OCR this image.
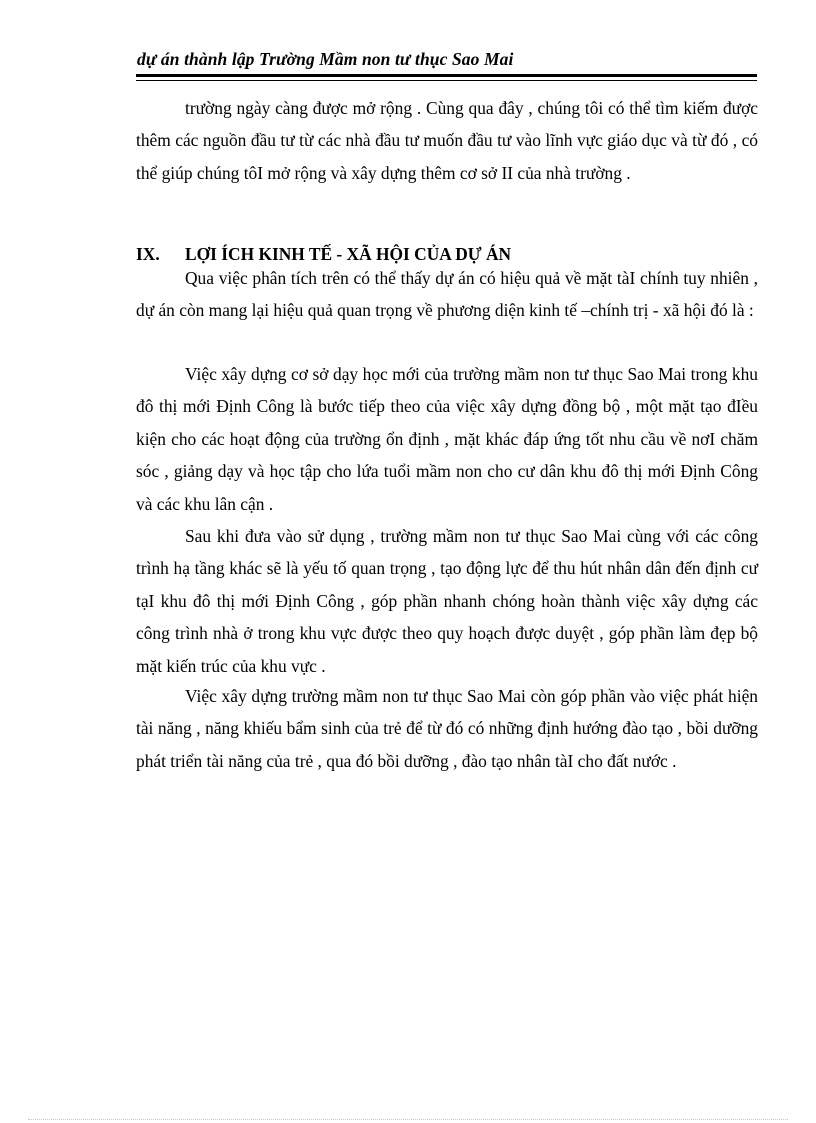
dự án thành lập Trường Mầm non tư thục Sao Mai
trường ngày càng được mở rộng . Cùng qua đây , chúng tôi có thể tìm kiếm được thêm các nguồn đầu tư từ các nhà đầu tư muốn đầu tư vào lĩnh vực giáo dục và từ đó , có thể giúp chúng tôI mở rộng và xây dựng thêm cơ sở II của nhà trường .
IX. LỢI ÍCH KINH TẾ - XÃ HỘI CỦA DỰ ÁN
Qua việc phân tích trên có thể thấy dự án có hiệu quả về mặt tàI chính tuy nhiên , dự án còn mang lại hiệu quả quan trọng về phương diện kinh tế –chính trị - xã hội đó là :
Việc xây dựng cơ sở dạy học mới của trường mầm non tư thục Sao Mai trong khu đô thị mới Định Công là bước tiếp theo của việc xây dựng đồng bộ , một mặt tạo đIều kiện cho các hoạt động của trường ổn định , mặt khác đáp ứng tốt nhu cầu về nơI chăm sóc , giảng dạy và học tập cho lứa tuổi mầm non cho cư dân khu đô thị mới Định Công và các khu lân cận .
Sau khi đưa vào sử dụng , trường mầm non tư thục Sao Mai cùng với các công trình hạ tầng khác sẽ là yếu tố quan trọng , tạo động lực để thu hút nhân dân đến định cư tạI khu đô thị mới Định Công , góp phần nhanh chóng hoàn thành việc xây dựng các công trình nhà ở trong khu vực được theo quy hoạch được duyệt , góp phần làm đẹp bộ mặt kiến trúc của khu vực .
Việc xây dựng trường mầm non tư thục Sao Mai còn góp phần vào việc phát hiện tài năng , năng khiếu bẩm sinh của trẻ để từ đó có những định hướng đào tạo , bồi dưỡng phát triển tài năng của trẻ , qua đó bồi dưỡng , đào tạo nhân tàI cho đất nước .
